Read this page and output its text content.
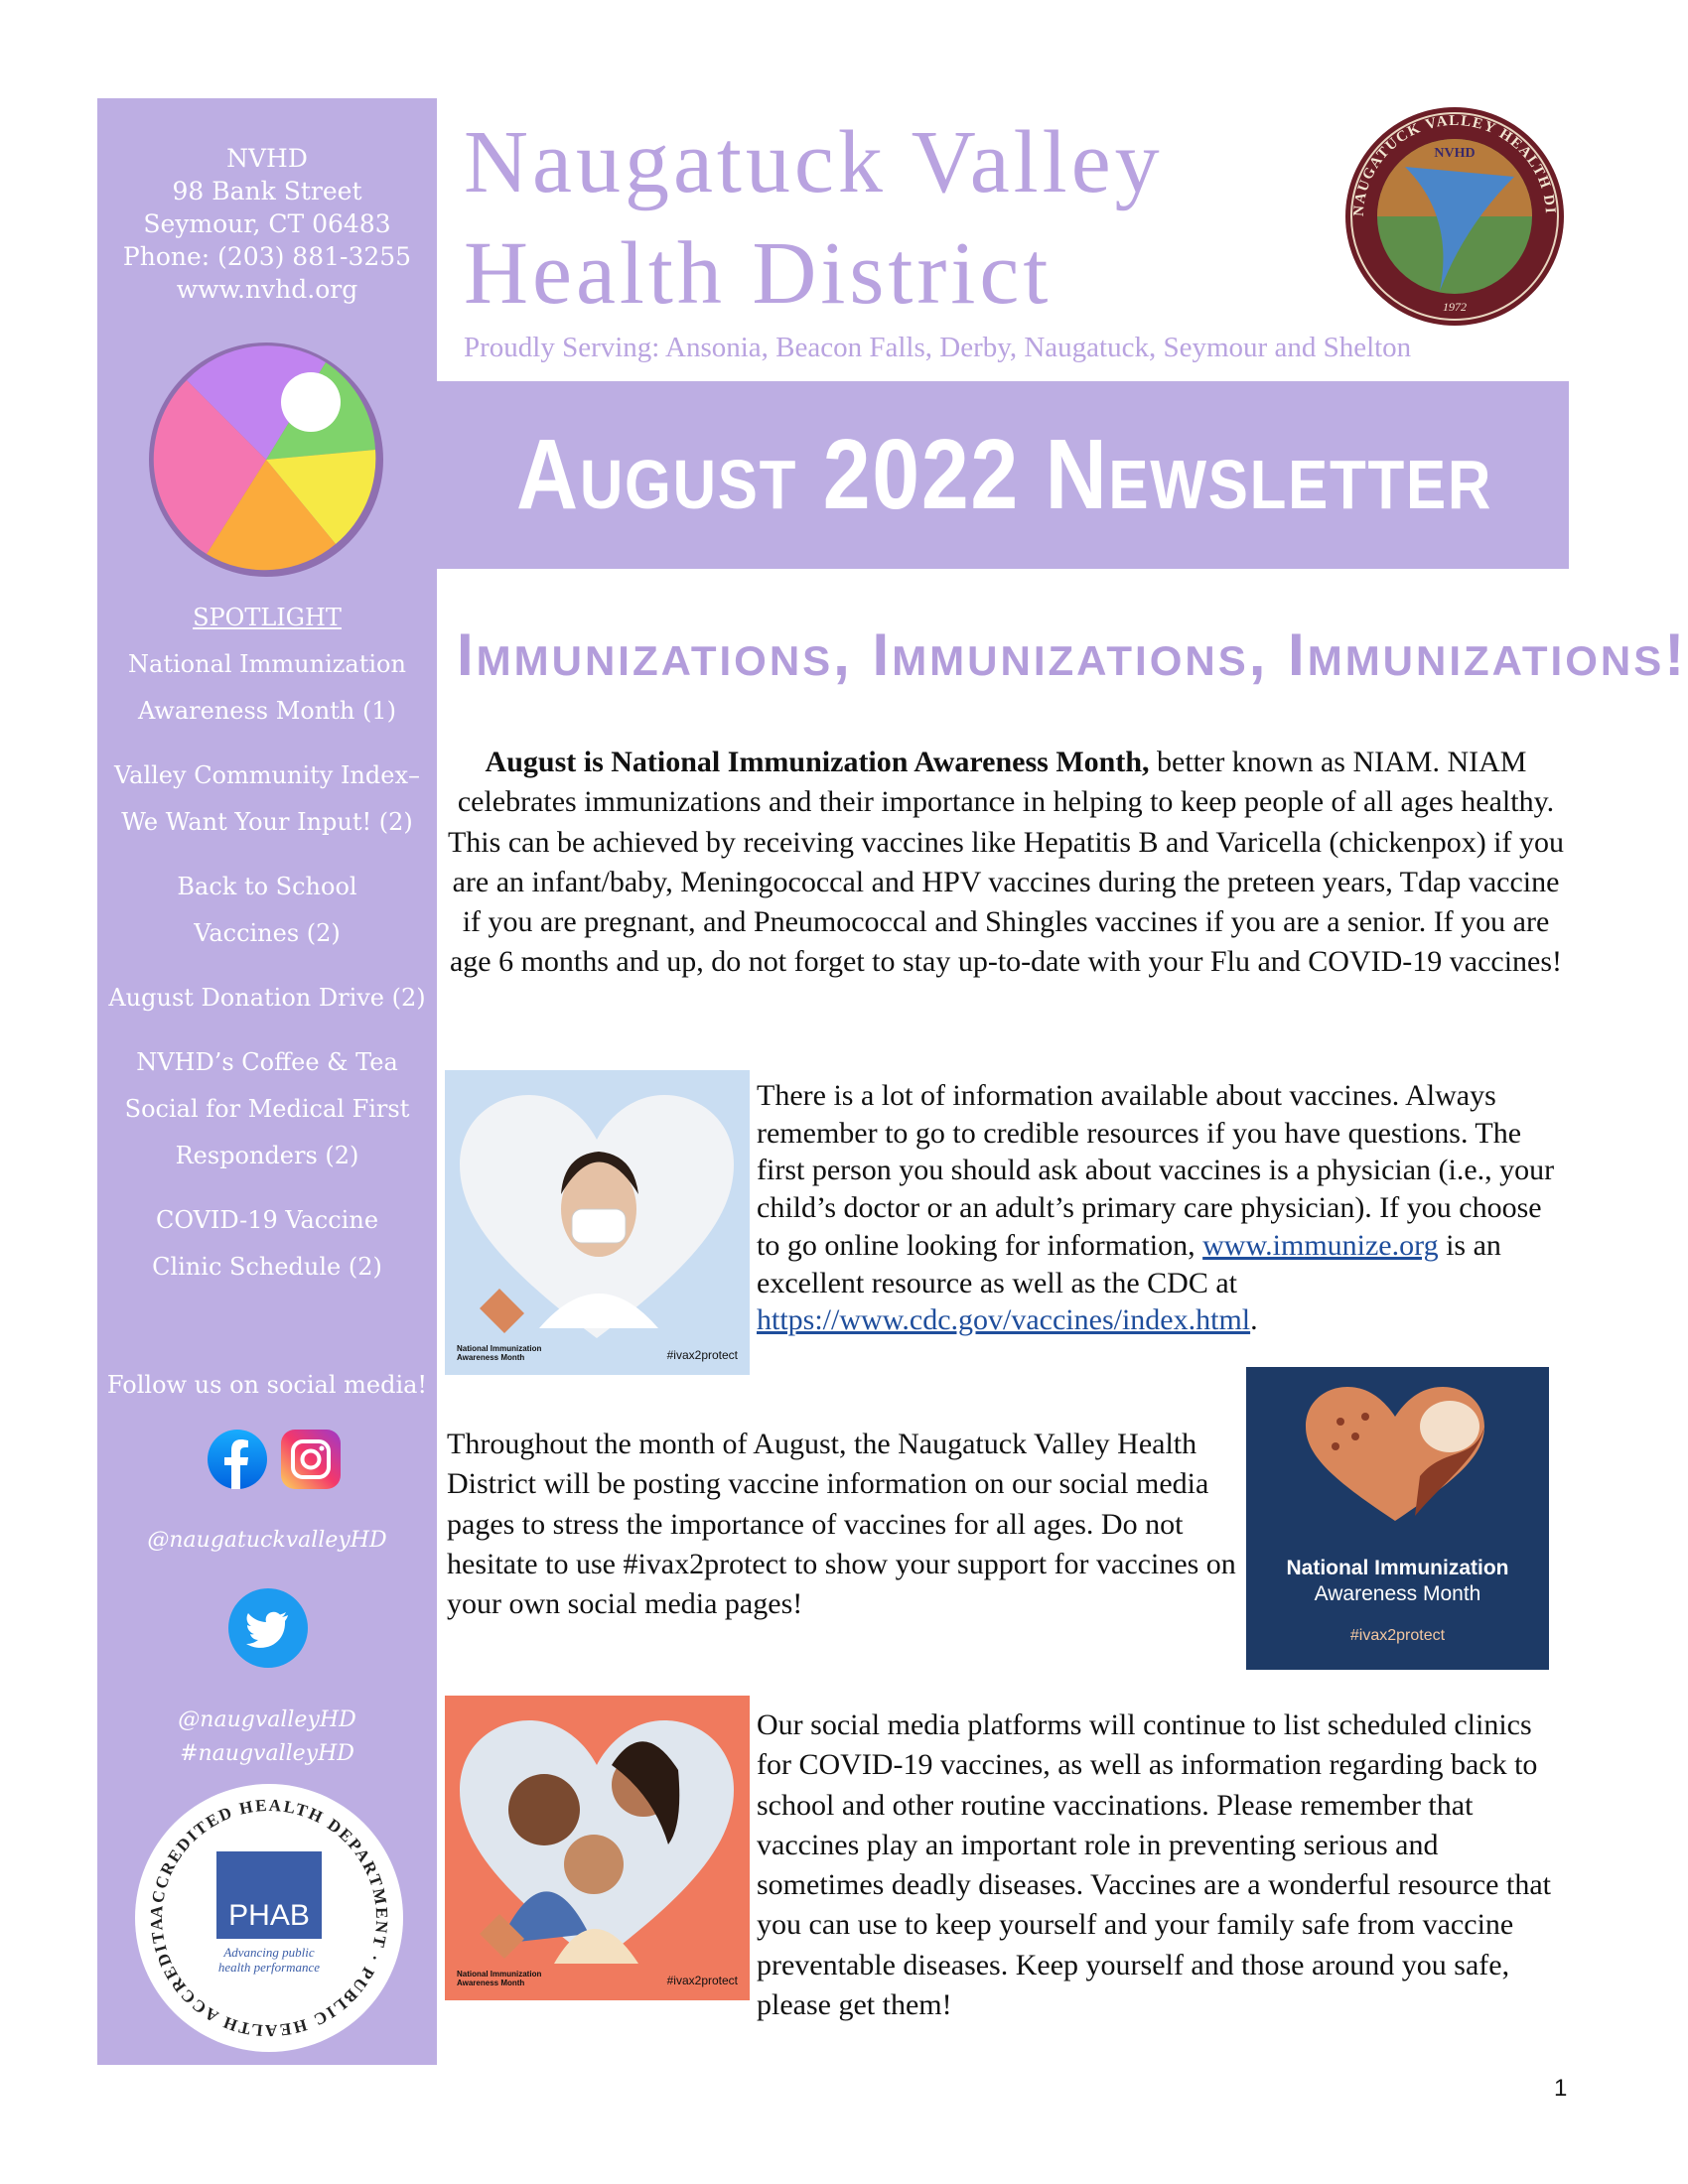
NVHD
98 Bank Street
Seymour, CT 06483
Phone: (203) 881-3255
www.nvhd.org
SPOTLIGHT
National Immunization
Awareness Month (1)
Valley Community Index–
We Want Your Input! (2)
Back to School
Vaccines (2)
August Donation Drive (2)
NVHD’s Coffee & Tea
Social for Medical First
Responders (2)
COVID-19 Vaccine
Clinic Schedule (2)
Follow us on social media!
@naugatuckvalleyHD
@naugvalleyHD
#naugvalleyHD
ACCREDITED HEALTH DEPARTMENT · PUBLIC HEALTH ACCREDITA	PHAB
Advancing public health performance
Naugatuck Valley
Health District
NAUGATUCK VALLEY HEALTH DI
NVHD
1972
Proudly Serving: Ansonia, Beacon Falls, Derby, Naugatuck, Seymour and Shelton
August 2022 Newsletter
Immunizations, Immunizations, Immunizations!
August is National Immunization Awareness Month, better known as NIAM. NIAM celebrates immunizations and their importance in helping to keep people of all ages healthy. This can be achieved by receiving vaccines like Hepatitis B and Varicella (chickenpox) if you are an infant/baby, Meningococcal and HPV vaccines during the preteen years, Tdap vaccine if you are pregnant, and Pneumococcal and Shingles vaccines if you are a senior. If you are age 6 months and up, do not forget to stay up-to-date with your Flu and COVID-19 vaccines!
National Immunization
Awareness Month	#ivax2protect
There is a lot of information available about vaccines. Always remember to go to credible resources if you have questions. The first person you should ask about vaccines is a physician (i.e., your child’s doctor or an adult’s primary care physician). If you choose to go online looking for information, www.immunize.org is an excellent resource as well as the CDC at https://www.cdc.gov/vaccines/index.html.
Throughout the month of August, the Naugatuck Valley Health District will be posting vaccine information on our social media pages to stress the importance of vaccines for all ages. Do not hesitate to use #ivax2protect to show your support for vaccines on your own social media pages!
National Immunization
Awareness Month
#ivax2protect
National Immunization
Awareness Month	#ivax2protect
Our social media platforms will continue to list scheduled clinics for COVID-19 vaccines, as well as information regarding back to school and other routine vaccinations. Please remember that vaccines play an important role in preventing serious and sometimes deadly diseases. Vaccines are a wonderful resource that you can use to keep yourself and your family safe from vaccine preventable diseases. Keep yourself and those around you safe, please get them!
1
